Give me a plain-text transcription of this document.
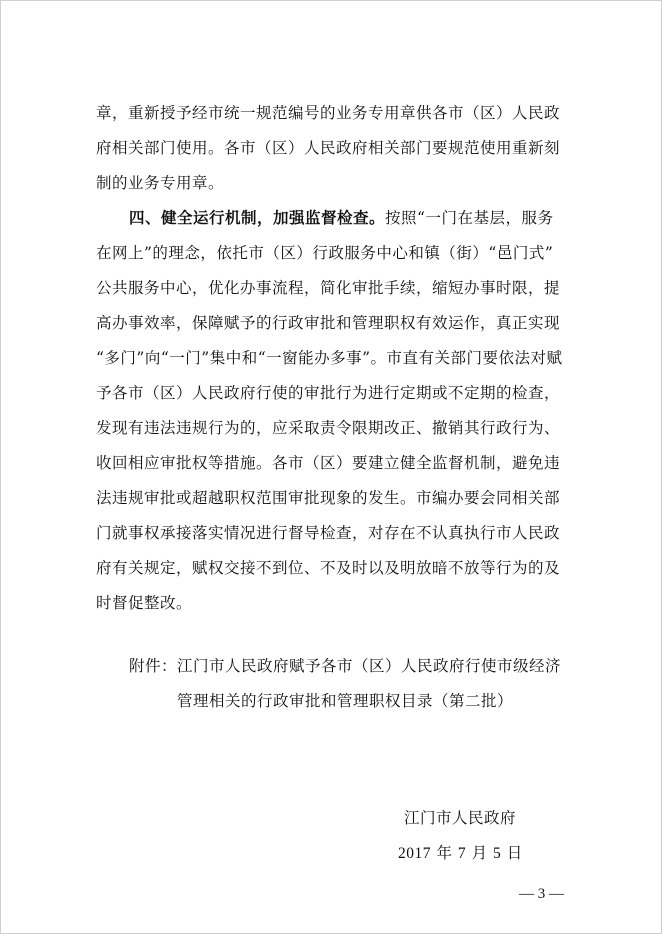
章，重新授予经市统一规范编号的业务专用章供各市（区）人民政
府相关部门使用。各市（区）人民政府相关部门要规范使用重新刻
制的业务专用章。
四、健全运行机制，加强监督检查。按照“一门在基层，服务
在网上”的理念，依托市（区）行政服务中心和镇（街）“邑门式”
公共服务中心，优化办事流程，简化审批手续，缩短办事时限，提
高办事效率，保障赋予的行政审批和管理职权有效运作，真正实现
“多门”向“一门”集中和“一窗能办多事”。市直有关部门要依法对赋
予各市（区）人民政府行使的审批行为进行定期或不定期的检查，
发现有违法违规行为的，应采取责令限期改正、撤销其行政行为、
收回相应审批权等措施。各市（区）要建立健全监督机制，避免违
法违规审批或超越职权范围审批现象的发生。市编办要会同相关部
门就事权承接落实情况进行督导检查，对存在不认真执行市人民政
府有关规定，赋权交接不到位、不及时以及明放暗不放等行为的及
时督促整改。
附件：江门市人民政府赋予各市（区）人民政府行使市级经济
管理相关的行政审批和管理职权目录（第二批）
江门市人民政府
2017 年 7 月 5 日
— 3 —
